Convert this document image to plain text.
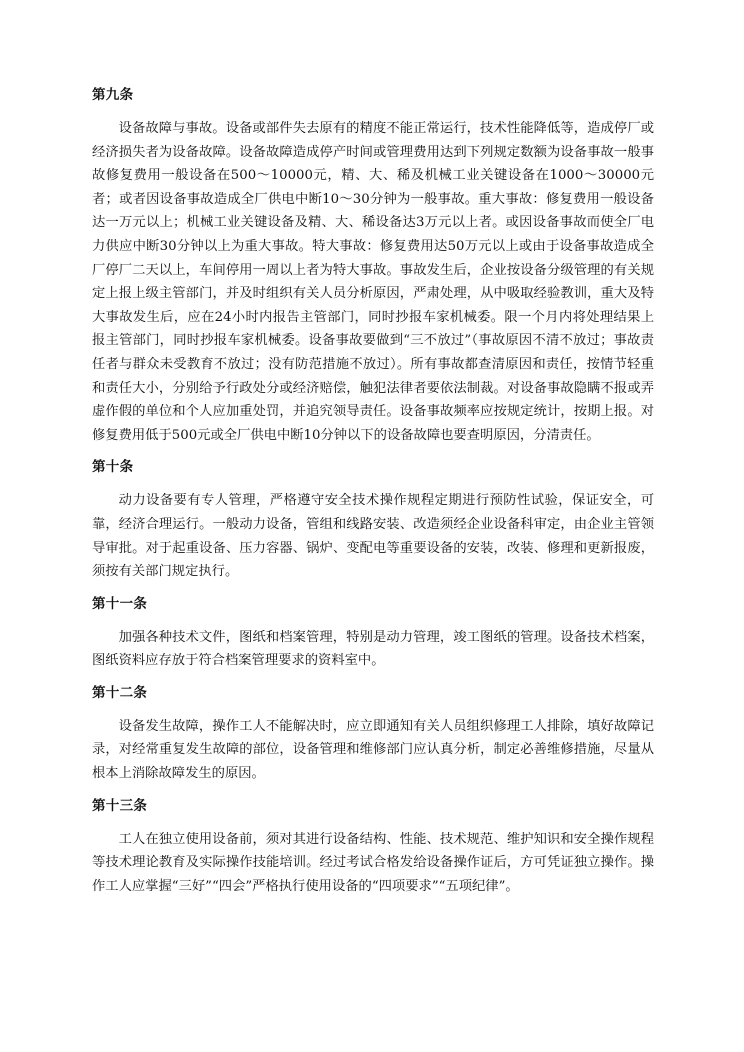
第九条

设备故障与事故。设备或部件失去原有的精度不能正常运行，技术性能降低等，造成停厂或经济损失者为设备故障。设备故障造成停产时间或管理费用达到下列规定数额为设备事故一般事故修复费用一般设备在500～10000元，精、大、稀及机械工业关键设备在1000～30000元者；或者因设备事故造成全厂供电中断10～30分钟为一般事故。重大事故：修复费用一般设备达一万元以上；机械工业关键设备及精、大、稀设备达3万元以上者。或因设备事故而使全厂电力供应中断30分钟以上为重大事故。特大事故：修复费用达50万元以上或由于设备事故造成全厂停厂二天以上，车间停用一周以上者为特大事故。事故发生后，企业按设备分级管理的有关规定上报上级主管部门，并及时组织有关人员分析原因，严肃处理，从中吸取经验教训，重大及特大事故发生后，应在24小时内报告主管部门，同时抄报车家机械委。限一个月内将处理结果上报主管部门，同时抄报车家机械委。设备事故要做到“三不放过”（事故原因不清不放过；事故责任者与群众未受教育不放过；没有防范措施不放过）。所有事故都查清原因和责任，按情节轻重和责任大小，分别给予行政处分或经济赔偿，触犯法律者要依法制裁。对设备事故隐瞒不报或弄虚作假的单位和个人应加重处罚，并追究领导责任。设备事故频率应按规定统计，按期上报。对修复费用低于500元或全厂供电中断10分钟以下的设备故障也要查明原因，分清责任。

第十条

动力设备要有专人管理，严格遵守安全技术操作规程定期进行预防性试验，保证安全，可靠，经济合理运行。一般动力设备，管组和线路安装、改造须经企业设备科审定，由企业主管领导审批。对于起重设备、压力容器、锅炉、变配电等重要设备的安装，改装、修理和更新报废，须按有关部门规定执行。

第十一条

加强各种技术文件，图纸和档案管理，特别是动力管理，竣工图纸的管理。设备技术档案，图纸资料应存放于符合档案管理要求的资料室中。

第十二条

设备发生故障，操作工人不能解决时，应立即通知有关人员组织修理工人排除，填好故障记录，对经常重复发生故障的部位，设备管理和维修部门应认真分析，制定必善维修措施，尽量从根本上消除故障发生的原因。

第十三条

工人在独立使用设备前，须对其进行设备结构、性能、技术规范、维护知识和安全操作规程等技术理论教育及实际操作技能培训。经过考试合格发给设备操作证后，方可凭证独立操作。操作工人应掌握“三好”“四会”严格执行使用设备的“四项要求”“五项纪律”。
